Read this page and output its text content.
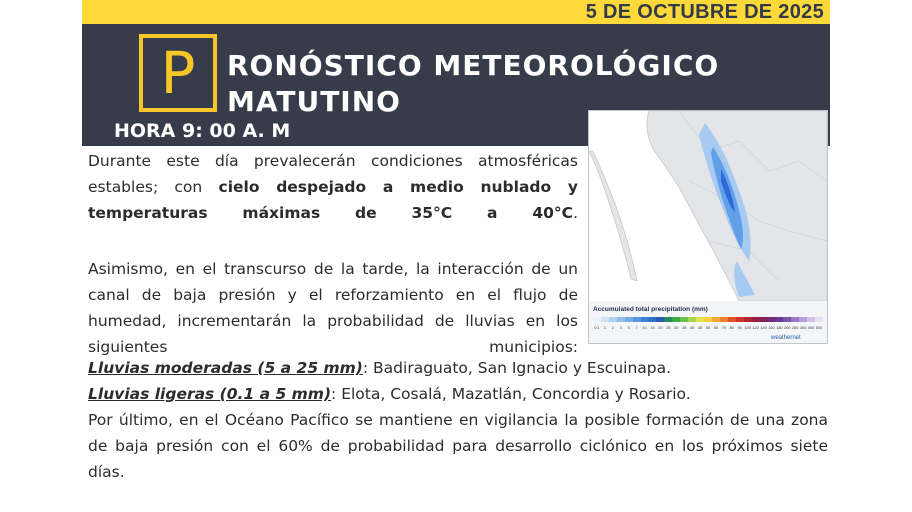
5 DE OCTUBRE DE 2025
P	RONÓSTICO METEOROLÓGICO MATUTINO
HORA 9: 00 A. M
Accumulated total precipitation (mm)
0.1 1 2 3 5 7 10 15 20 25 30 35 40 45 50 60 70 80 90 100 120 140 160 180 200 250 300 400 500
weathernet
Durante este día prevalecerán condiciones atmosféricas estables; con cielo despejado a medio nublado y temperaturas máximas de 35°C a 40°C.
Asimismo, en el transcurso de la tarde, la interacción de un canal de baja presión y el reforzamiento en el flujo de humedad, incrementarán la probabilidad de lluvias en los siguientes municipios:
Lluvias moderadas (5 a 25 mm): Badiraguato, San Ignacio y Escuinapa.
Lluvias ligeras (0.1 a 5 mm): Elota, Cosalá, Mazatlán, Concordia y Rosario.
Por último, en el Océano Pacífico se mantiene en vigilancia la posible formación de una zona de baja presión con el 60% de probabilidad para desarrollo ciclónico en los próximos siete días.
